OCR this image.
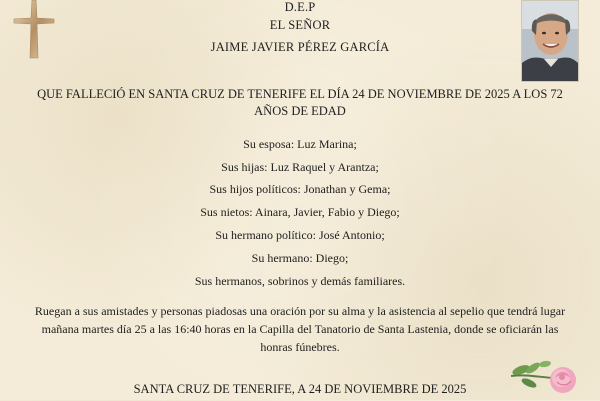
D.E.P
EL SEÑOR
JAIME JAVIER PÉREZ GARCÍA
QUE FALLECIÓ EN SANTA CRUZ DE TENERIFE EL DÍA 24 DE NOVIEMBRE DE 2025 A LOS 72
AÑOS DE EDAD
Su esposa: Luz Marina;
Sus hijas: Luz Raquel y Arantza;
Sus hijos políticos: Jonathan y Gema;
Sus nietos: Ainara, Javier, Fabio y Diego;
Su hermano político: José Antonio;
Su hermano: Diego;
Sus hermanos, sobrinos y demás familiares.
Ruegan a sus amistades y personas piadosas una oración por su alma y la asistencia al sepelio que tendrá lugar
mañana martes día 25 a las 16:40 horas en la Capilla del Tanatorio de Santa Lastenia, donde se oficiarán las
honras fúnebres.
SANTA CRUZ DE TENERIFE, A 24 DE NOVIEMBRE DE 2025
